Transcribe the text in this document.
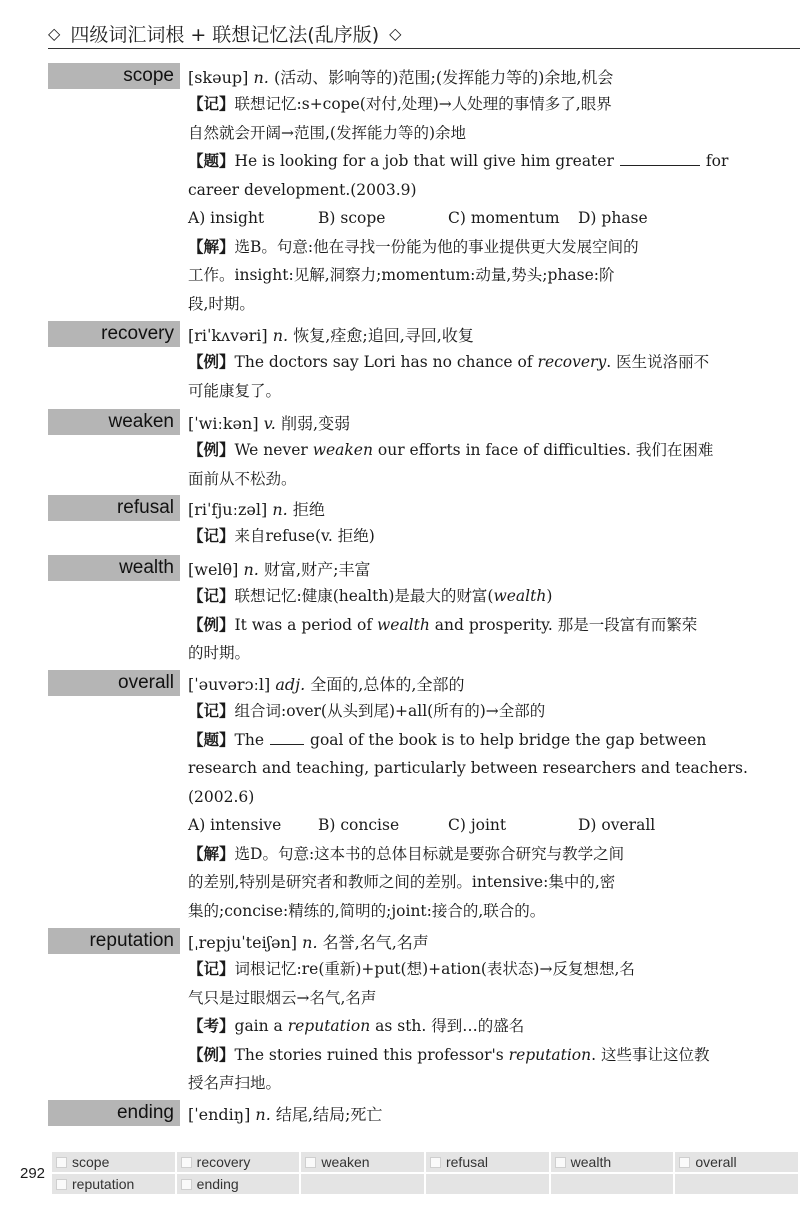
◇ 四级词汇词根 + 联想记忆法(乱序版) ◇
scope [skəup] n. (活动、影响等的)范围;(发挥能力等的)余地,机会
【记】联想记忆:s+cope(对付,处理)→人处理的事情多了,眼界
自然就会开阔→范围,(发挥能力等的)余地
【题】He is looking for a job that will give him greater	for
career development.(2003.9)
A) insight	B) scope	C) momentum	D) phase
【解】选B。句意:他在寻找一份能为他的事业提供更大发展空间的
工作。insight:见解,洞察力;momentum:动量,势头;phase:阶
段,时期。
recovery [riˈkʌvəri] n. 恢复,痊愈;追回,寻回,收复
【例】The doctors say Lori has no chance of recovery. 医生说洛丽不
可能康复了。
weaken [ˈwiːkən] v. 削弱,变弱
【例】We never weaken our efforts in face of difficulties. 我们在困难
面前从不松劲。
refusal [riˈfjuːzəl] n. 拒绝
【记】来自refuse(v. 拒绝)
wealth [welθ] n. 财富,财产;丰富
【记】联想记忆:健康(health)是最大的财富(wealth)
【例】It was a period of wealth and prosperity. 那是一段富有而繁荣
的时期。
overall [ˈəuvərɔːl] adj. 全面的,总体的,全部的
【记】组合词:over(从头到尾)+all(所有的)→全部的
【题】The	goal of the book is to help bridge the gap between
research and teaching, particularly between researchers and teachers.
(2002.6)
A) intensive	B) concise	C) joint	D) overall
【解】选D。句意:这本书的总体目标就是要弥合研究与教学之间
的差别,特别是研究者和教师之间的差别。intensive:集中的,密
集的;concise:精练的,简明的;joint:接合的,联合的。
reputation [ˌrepjuˈteiʃən] n. 名誉,名气,名声
【记】词根记忆:re(重新)+put(想)+ation(表状态)→反复想想,名
气只是过眼烟云→名气,名声
【考】gain a reputation as sth. 得到…的盛名
【例】The stories ruined this professor's reputation. 这些事让这位教
授名声扫地。
ending [ˈendiŋ] n. 结尾,结局;死亡
292
scope	recovery	weaken	refusal	wealth	overall
reputation	ending
